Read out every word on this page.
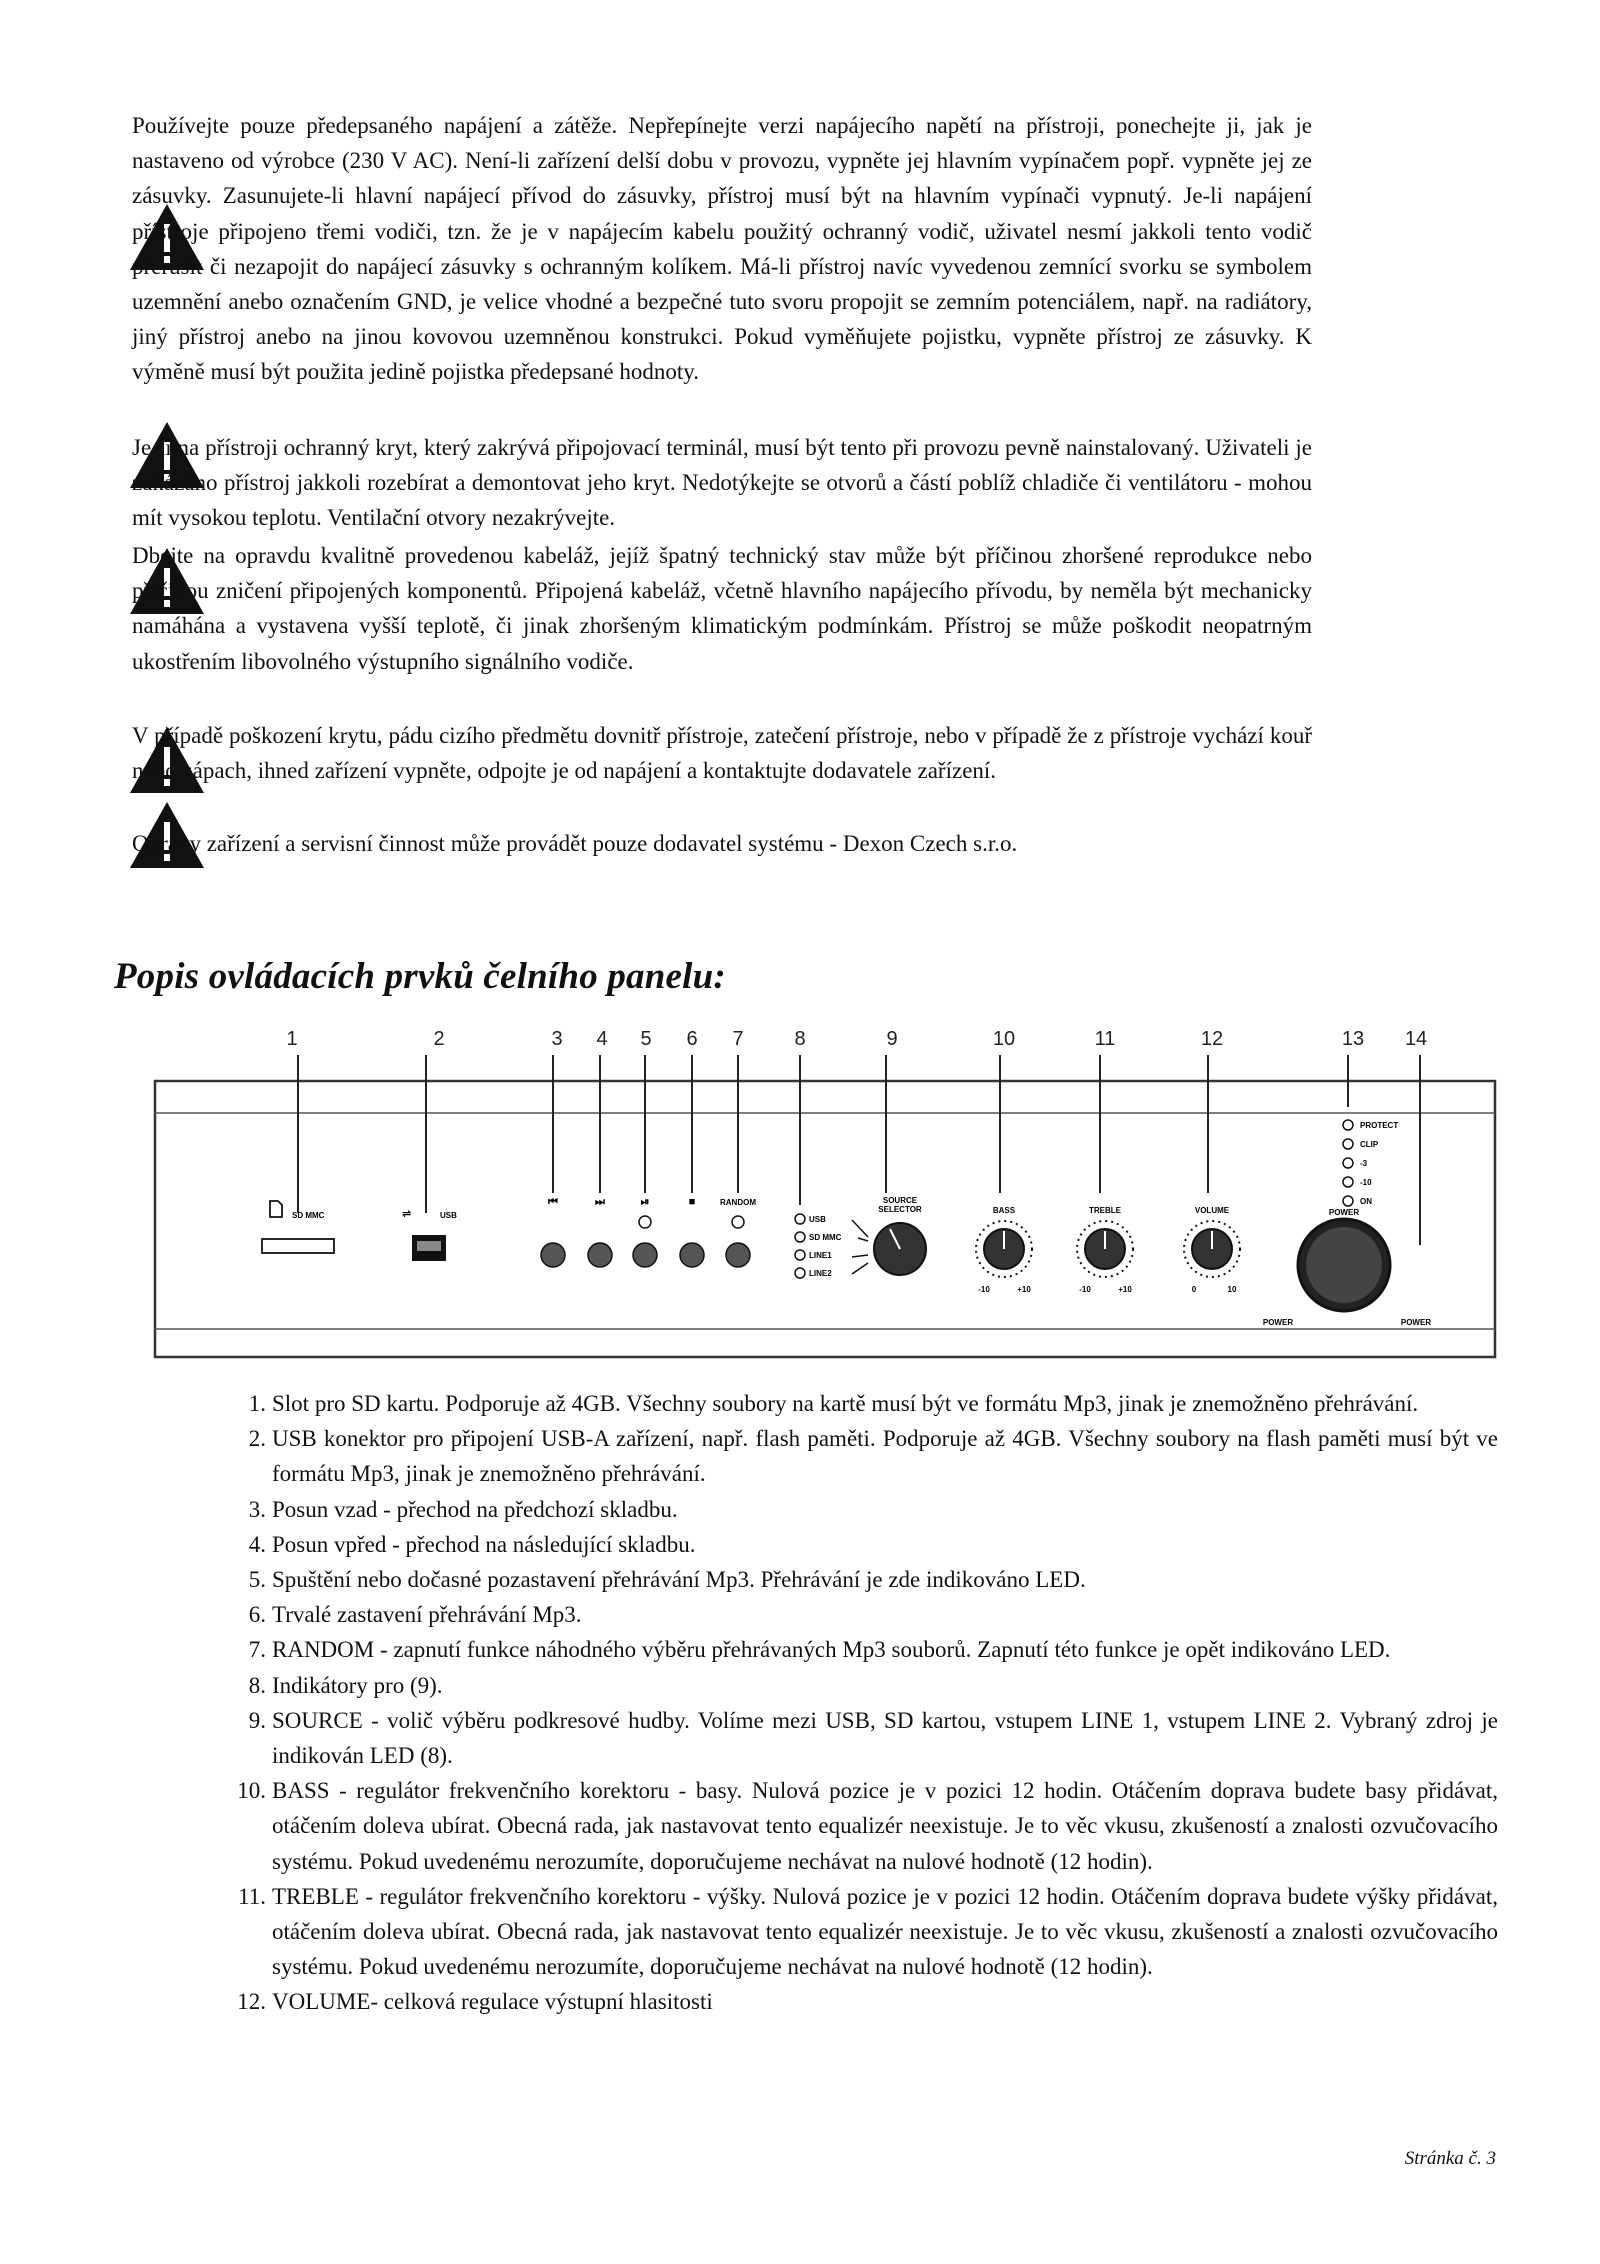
Používejte pouze předepsaného napájení a zátěže. Nepřepínejte verzi napájecího napětí na přístroji, ponechejte ji, jak je nastaveno od výrobce (230 V AC). Není-li zařízení delší dobu v provozu, vypněte jej hlavním vypínačem popř. vypněte jej ze zásuvky. Zasunujete-li hlavní napájecí přívod do zásuvky, přístroj musí být na hlavním vypínači vypnutý. Je-li napájení přístroje připojeno třemi vodiči, tzn. že je v napájecím kabelu použitý ochranný vodič, uživatel nesmí jakkoli tento vodič přerušit či nezapojit do napájecí zásuvky s ochranným kolíkem. Má-li přístroj navíc vyvedenou zemnící svorku se symbolem uzemnění anebo označením GND, je velice vhodné a bezpečné tuto svoru propojit se zemním potenciálem, např. na radiátory, jiný přístroj anebo na jinou kovovou uzemněnou konstrukci. Pokud vyměňujete pojistku, vypněte přístroj ze zásuvky. K výměně musí být použita jedině pojistka předepsané hodnoty.

Je-li na přístroji ochranný kryt, který zakrývá připojovací terminál, musí být tento při provozu pevně nainstalovaný. Uživateli je zakázáno přístroj jakkoli rozebírat a demontovat jeho kryt. Nedotýkejte se otvorů a částí poblíž chladiče či ventilátoru - mohou mít vysokou teplotu. Ventilační otvory nezakrývejte.

Dbejte na opravdu kvalitně provedenou kabeláž, jejíž špatný technický stav může být příčinou zhoršené reprodukce nebo příčinou zničení připojených komponentů. Připojená kabeláž, včetně hlavního napájecího přívodu, by neměla být mechanicky namáhána a vystavena vyšší teplotě, či jinak zhoršeným klimatickým podmínkám. Přístroj se může poškodit neopatrným ukostřením libovolného výstupního signálního vodiče.

V případě poškození krytu, pádu cizího předmětu dovnitř přístroje, zatečení přístroje, nebo v případě že z přístroje vychází kouř nebo zápach, ihned zařízení vypněte, odpojte je od napájení a kontaktujte dodavatele zařízení.

Opravy zařízení a servisní činnost může provádět pouze dodavatel systému - Dexon Czech s.r.o.

Popis ovládacích prvků čelního panelu:
1	2	3 4 5 6 7	8	9	10	11	12	13 14
SD MMC	⇌	USB
⏮	⏭	⏯	■	RANDOM
USB
SD MMC
LINE1
LINE2
SOURCE
SELECTOR	BASS
-10	+10
TREBLE
-10	+10
VOLUME
0	10
PROTECT
CLIP
-3
-10
ON
POWER
POWER	POWER
1. Slot pro SD kartu. Podporuje až 4GB. Všechny soubory na kartě musí být ve formátu Mp3, jinak je znemožněno přehrávání.
2. USB konektor pro připojení USB-A zařízení, např. flash paměti. Podporuje až 4GB. Všechny soubory na flash paměti musí být ve formátu Mp3, jinak je znemožněno přehrávání.
3. Posun vzad - přechod na předchozí skladbu.
4. Posun vpřed - přechod na následující skladbu.
5. Spuštění nebo dočasné pozastavení přehrávání Mp3. Přehrávání je zde indikováno LED.
6. Trvalé zastavení přehrávání Mp3.
7. RANDOM - zapnutí funkce náhodného výběru přehrávaných Mp3 souborů. Zapnutí této funkce je opět indikováno LED.
8. Indikátory pro (9).
9. SOURCE - volič výběru podkresové hudby. Volíme mezi USB, SD kartou, vstupem LINE 1, vstupem LINE 2. Vybraný zdroj je indikován LED (8).
10. BASS - regulátor frekvenčního korektoru - basy. Nulová pozice je v pozici 12 hodin. Otáčením doprava budete basy přidávat, otáčením doleva ubírat. Obecná rada, jak nastavovat tento equalizér neexistuje. Je to věc vkusu, zkušeností a znalosti ozvučovacího systému. Pokud uvedenému nerozumíte, doporučujeme nechávat na nulové hodnotě (12 hodin).
11. TREBLE - regulátor frekvenčního korektoru - výšky. Nulová pozice je v pozici 12 hodin. Otáčením doprava budete výšky přidávat, otáčením doleva ubírat. Obecná rada, jak nastavovat tento equalizér neexistuje. Je to věc vkusu, zkušeností a znalosti ozvučovacího systému. Pokud uvedenému nerozumíte, doporučujeme nechávat na nulové hodnotě (12 hodin).
12. VOLUME- celková regulace výstupní hlasitosti
Stránka č. 3
